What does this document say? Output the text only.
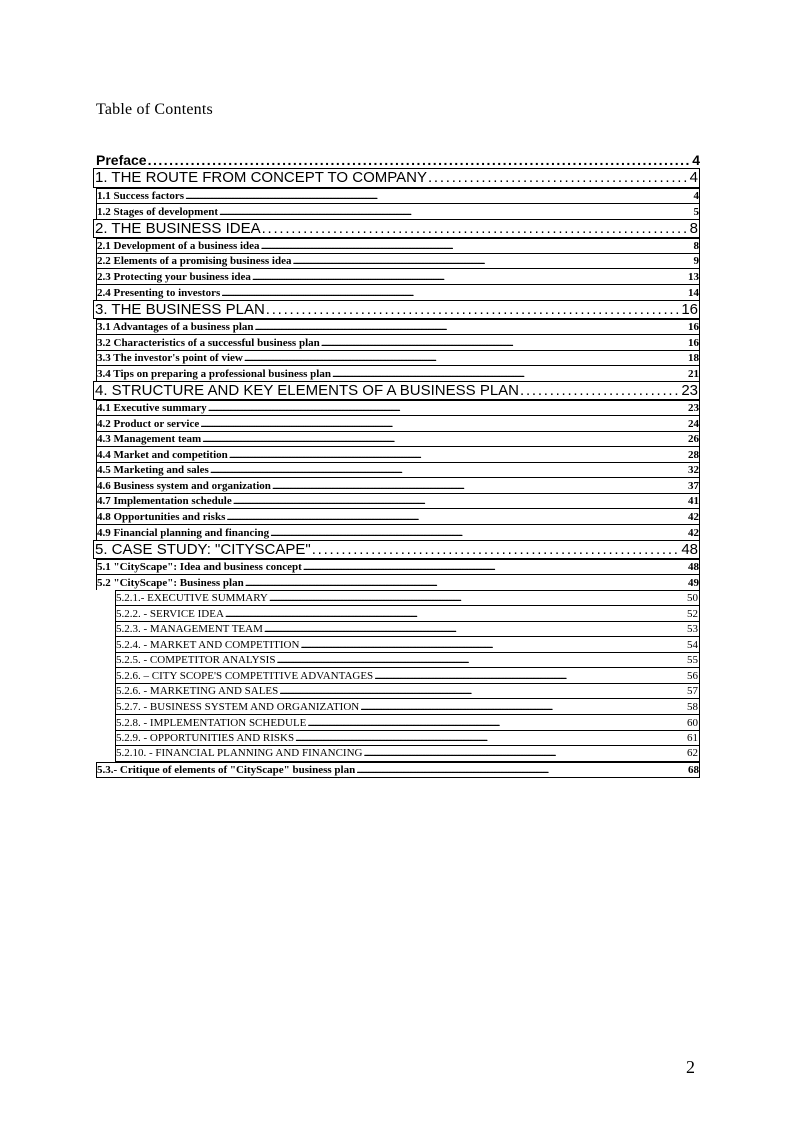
Table of Contents
Preface . . .	4
1. THE ROUTE FROM CONCEPT TO COMPANY . . .	4
1.1 Success factors . . .	4
1.2 Stages of development . . .	5
2. THE BUSINESS IDEA . . .	8
2.1 Development of a business idea . . .	8
2.2 Elements of a promising business idea . . .	9
2.3 Protecting your business idea . . .	13
2.4 Presenting to investors . . .	14
3. THE BUSINESS PLAN . . .	16
3.1 Advantages of a business plan . . .	16
3.2 Characteristics of a successful business plan . . .	16
3.3 The investor's point of view . . .	18
3.4 Tips on preparing a professional business plan . . .	21
4. STRUCTURE AND KEY ELEMENTS OF A BUSINESS PLAN . . .	23
4.1 Executive summary . . .	23
4.2 Product or service . . .	24
4.3 Management team . . .	26
4.4 Market and competition . . .	28
4.5 Marketing and sales . . .	32
4.6 Business system and organization . . .	37
4.7 Implementation schedule . . .	41
4.8 Opportunities and risks . . .	42
4.9 Financial planning and financing . . .	42
5. CASE STUDY: "CITYSCAPE" . . .	48
5.1 "CityScape": Idea and business concept . . .	48
5.2 "CityScape": Business plan . . .	49
5.2.1.- EXECUTIVE SUMMARY . . .	50
5.2.2. - SERVICE IDEA . . .	52
5.2.3. - MANAGEMENT TEAM . . .	53
5.2.4. - MARKET AND COMPETITION . . .	54
5.2.5. - COMPETITOR ANALYSIS . . .	55
5.2.6. – CITY SCOPE'S COMPETITIVE ADVANTAGES . . .	56
5.2.6. - MARKETING AND SALES . . .	57
5.2.7. - BUSINESS SYSTEM AND ORGANIZATION . . .	58
5.2.8. - IMPLEMENTATION SCHEDULE . . .	60
5.2.9. - OPPORTUNITIES AND RISKS . . .	61
5.2.10. - FINANCIAL PLANNING AND FINANCING . . .	62
5.3.- Critique of elements of "CityScape" business plan . . .	68
2
